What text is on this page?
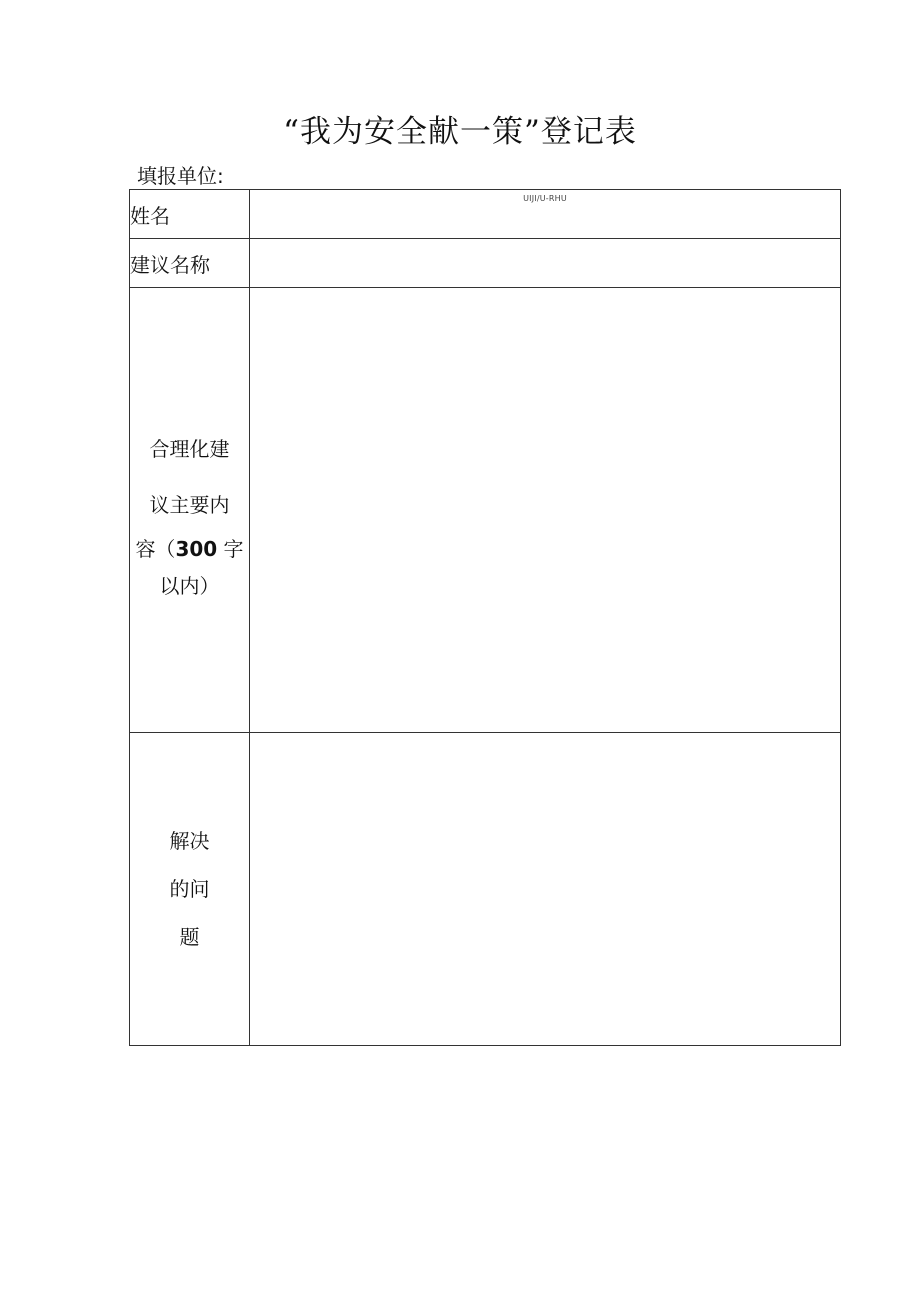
“我为安全献一策”登记表
填报单位:
姓名	UIJI/U-RHU

建议名称	

合理化建
议主要内
容（300 字
以内）	

解决
的问
题	
